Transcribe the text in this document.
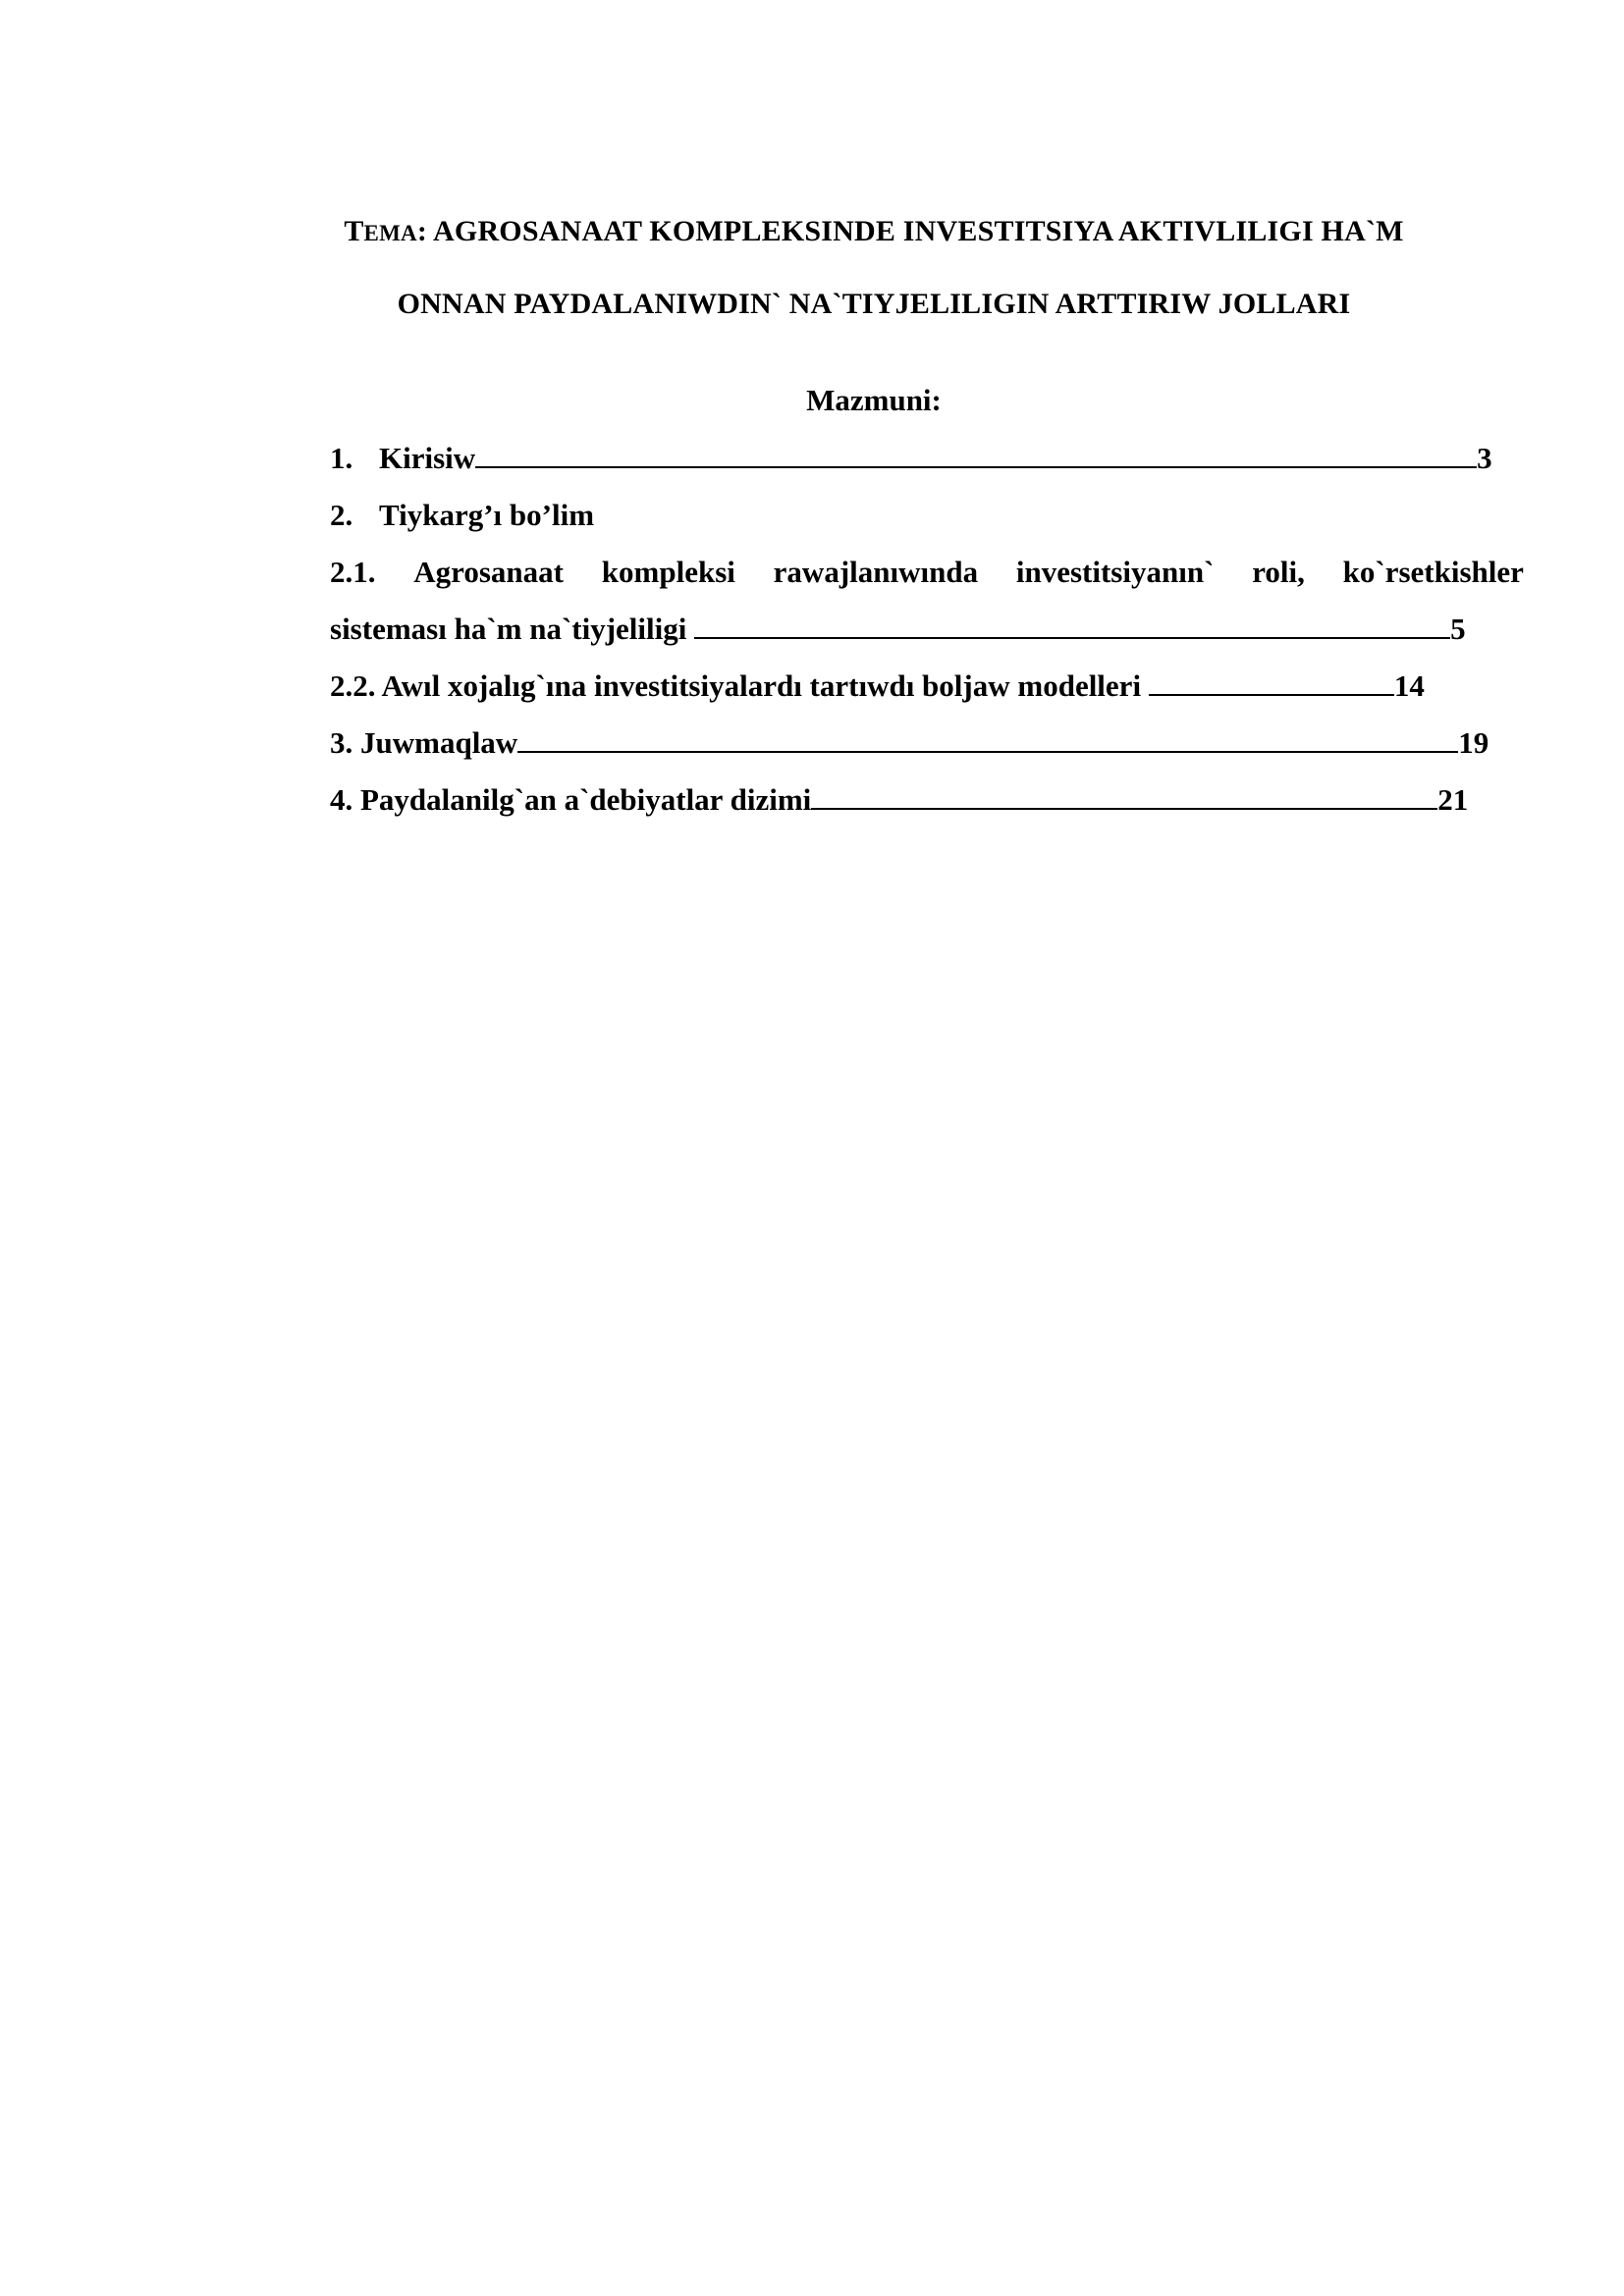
TEMA: AGROSANAAT KOMPLEKSINDE INVESTITSIYA AKTIVLILIGI HA`M
ONNAN PAYDALANIWDIN` NA`TIYJELILIGIN ARTTIRIW JOLLARI
Mazmuni:
1. Kirisiw	3
2. Tiykarg’ı bo’lim
2.1. Agrosanaat kompleksi rawajlanıwında investitsiyanın` roli, ko`rsetkishler
sisteması ha`m na`tiyjeliligi	5
2.2. Awıl xojalıg`ına investitsiyalardı tartıwdı boljaw modelleri	14
3. Juwmaqlaw	19
4. Paydalanilg`an a`debiyatlar dizimi	21
